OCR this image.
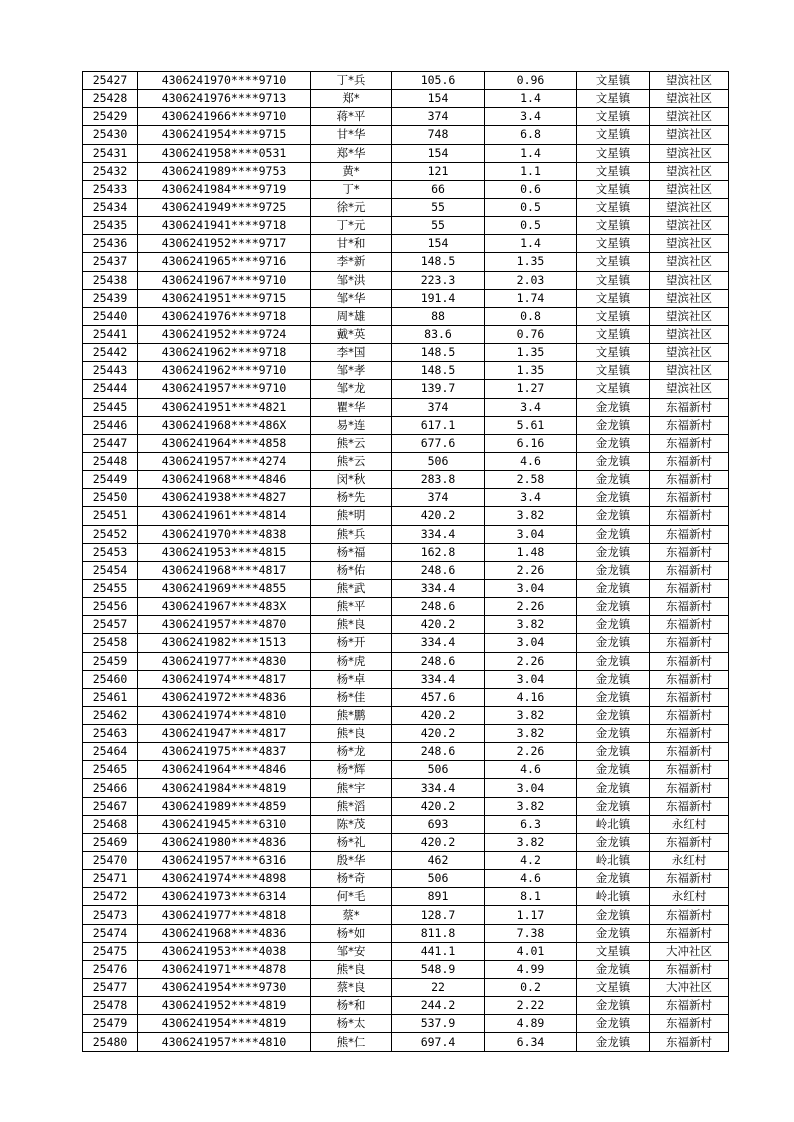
25427	4306241970****9710	丁*兵	105.6	0.96	文星镇	望滨社区
25428	4306241976****9713	郑*	154	1.4	文星镇	望滨社区
25429	4306241966****9710	蒋*平	374	3.4	文星镇	望滨社区
25430	4306241954****9715	甘*华	748	6.8	文星镇	望滨社区
25431	4306241958****0531	郑*华	154	1.4	文星镇	望滨社区
25432	4306241989****9753	黄*	121	1.1	文星镇	望滨社区
25433	4306241984****9719	丁*	66	0.6	文星镇	望滨社区
25434	4306241949****9725	徐*元	55	0.5	文星镇	望滨社区
25435	4306241941****9718	丁*元	55	0.5	文星镇	望滨社区
25436	4306241952****9717	甘*和	154	1.4	文星镇	望滨社区
25437	4306241965****9716	李*新	148.5	1.35	文星镇	望滨社区
25438	4306241967****9710	邹*洪	223.3	2.03	文星镇	望滨社区
25439	4306241951****9715	邹*华	191.4	1.74	文星镇	望滨社区
25440	4306241976****9718	周*雄	88	0.8	文星镇	望滨社区
25441	4306241952****9724	戴*英	83.6	0.76	文星镇	望滨社区
25442	4306241962****9718	李*国	148.5	1.35	文星镇	望滨社区
25443	4306241962****9710	邹*孝	148.5	1.35	文星镇	望滨社区
25444	4306241957****9710	邹*龙	139.7	1.27	文星镇	望滨社区
25445	4306241951****4821	瞿*华	374	3.4	金龙镇	东福新村
25446	4306241968****486X	易*连	617.1	5.61	金龙镇	东福新村
25447	4306241964****4858	熊*云	677.6	6.16	金龙镇	东福新村
25448	4306241957****4274	熊*云	506	4.6	金龙镇	东福新村
25449	4306241968****4846	闵*秋	283.8	2.58	金龙镇	东福新村
25450	4306241938****4827	杨*先	374	3.4	金龙镇	东福新村
25451	4306241961****4814	熊*明	420.2	3.82	金龙镇	东福新村
25452	4306241970****4838	熊*兵	334.4	3.04	金龙镇	东福新村
25453	4306241953****4815	杨*福	162.8	1.48	金龙镇	东福新村
25454	4306241968****4817	杨*佑	248.6	2.26	金龙镇	东福新村
25455	4306241969****4855	熊*武	334.4	3.04	金龙镇	东福新村
25456	4306241967****483X	熊*平	248.6	2.26	金龙镇	东福新村
25457	4306241957****4870	熊*良	420.2	3.82	金龙镇	东福新村
25458	4306241982****1513	杨*开	334.4	3.04	金龙镇	东福新村
25459	4306241977****4830	杨*虎	248.6	2.26	金龙镇	东福新村
25460	4306241974****4817	杨*卓	334.4	3.04	金龙镇	东福新村
25461	4306241972****4836	杨*佳	457.6	4.16	金龙镇	东福新村
25462	4306241974****4810	熊*鹏	420.2	3.82	金龙镇	东福新村
25463	4306241947****4817	熊*良	420.2	3.82	金龙镇	东福新村
25464	4306241975****4837	杨*龙	248.6	2.26	金龙镇	东福新村
25465	4306241964****4846	杨*辉	506	4.6	金龙镇	东福新村
25466	4306241984****4819	熊*宇	334.4	3.04	金龙镇	东福新村
25467	4306241989****4859	熊*滔	420.2	3.82	金龙镇	东福新村
25468	4306241945****6310	陈*茂	693	6.3	岭北镇	永红村
25469	4306241980****4836	杨*礼	420.2	3.82	金龙镇	东福新村
25470	4306241957****6316	殷*华	462	4.2	岭北镇	永红村
25471	4306241974****4898	杨*奇	506	4.6	金龙镇	东福新村
25472	4306241973****6314	何*毛	891	8.1	岭北镇	永红村
25473	4306241977****4818	蔡*	128.7	1.17	金龙镇	东福新村
25474	4306241968****4836	杨*如	811.8	7.38	金龙镇	东福新村
25475	4306241953****4038	邹*安	441.1	4.01	文星镇	大冲社区
25476	4306241971****4878	熊*良	548.9	4.99	金龙镇	东福新村
25477	4306241954****9730	蔡*良	22	0.2	文星镇	大冲社区
25478	4306241952****4819	杨*和	244.2	2.22	金龙镇	东福新村
25479	4306241954****4819	杨*太	537.9	4.89	金龙镇	东福新村
25480	4306241957****4810	熊*仁	697.4	6.34	金龙镇	东福新村
